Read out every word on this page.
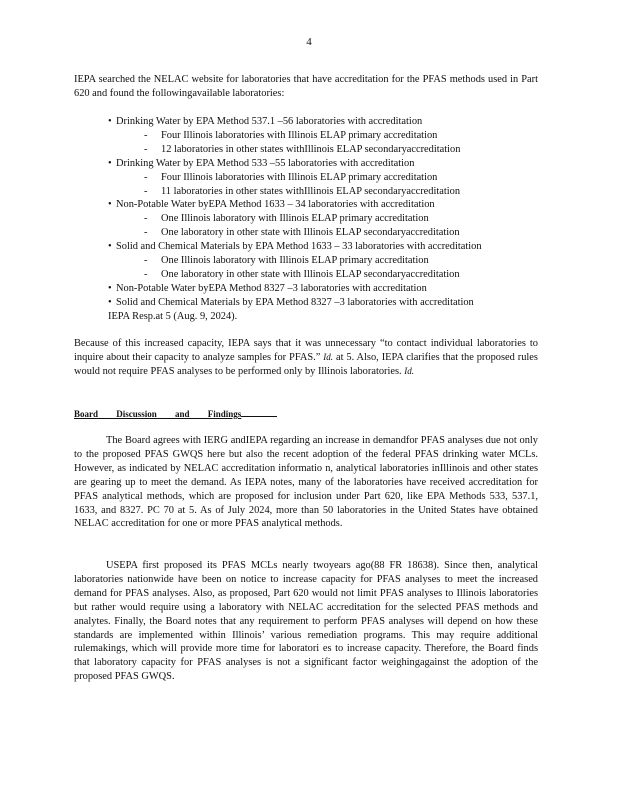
4

IEPA searched the NELAC website for laboratories that have accreditation for the PFAS methods used in Part 620 and found the followingavailable laboratories:

• Drinking Water by EPA Method 537.1 –56 laboratories with accreditation
- Four Illinois laboratories with Illinois ELAP primary accreditation
- 12 laboratories in other states withIllinois ELAP secondaryaccreditation
• Drinking Water by EPA Method 533 –55 laboratories with accreditation
- Four Illinois laboratories with Illinois ELAP primary accreditation
- 11 laboratories in other states withIllinois ELAP secondaryaccreditation
• Non-Potable Water byEPA Method 1633 – 34 laboratories with accreditation
- One Illinois laboratory with Illinois ELAP primary accreditation
- One laboratory in other state with Illinois ELAP secondaryaccreditation
• Solid and Chemical Materials by EPA Method 1633 – 33 laboratories with accreditation
- One Illinois laboratory with Illinois ELAP primary accreditation
- One laboratory in other state with Illinois ELAP secondaryaccreditation
• Non-Potable Water byEPA Method 8327 –3 laboratories with accreditation
• Solid and Chemical Materials by EPA Method 8327 –3 laboratories with accreditation
IEPA Resp.at 5 (Aug. 9, 2024).

Because of this increased capacity, IEPA says that it was unnecessary “to contact individual laboratories to inquire about their capacity to analyze samples for PFAS.” Id. at 5. Also, IEPA clarifies that the proposed rules would not require PFAS analyses to be performed only by Illinois laboratories. Id.

Board Discussion and Findings

The Board agrees with IERG andIEPA regarding an increase in demandfor PFAS analyses due not only to the proposed PFAS GWQS here but also the recent adoption of the federal PFAS drinking water MCLs. However, as indicated by NELAC accreditation informatio n, analytical laboratories inIllinois and other states are gearing up to meet the demand. As IEPA notes, many of the laboratories have received accreditation for PFAS analytical methods, which are proposed for inclusion under Part 620, like EPA Methods 533, 537.1, 1633, and 8327. PC 70 at 5. As of July 2024, more than 50 laboratories in the United States have obtained NELAC accreditation for one or more PFAS analytical methods.

USEPA first proposed its PFAS MCLs nearly twoyears ago(88 FR 18638). Since then, analytical laboratories nationwide have been on notice to increase capacity for PFAS analyses to meet the increased demand for PFAS analyses. Also, as proposed, Part 620 would not limit PFAS analyses to Illinois laboratories but rather would require using a laboratory with NELAC accreditation for the selected PFAS methods and analytes. Finally, the Board notes that any requirement to perform PFAS analyses will depend on how these standards are implemented within Illinois’ various remediation programs. This may require additional rulemakings, which will provide more time for laboratori es to increase capacity. Therefore, the Board finds that laboratory capacity for PFAS analyses is not a significant factor weighingagainst the adoption of the proposed PFAS GWQS.
